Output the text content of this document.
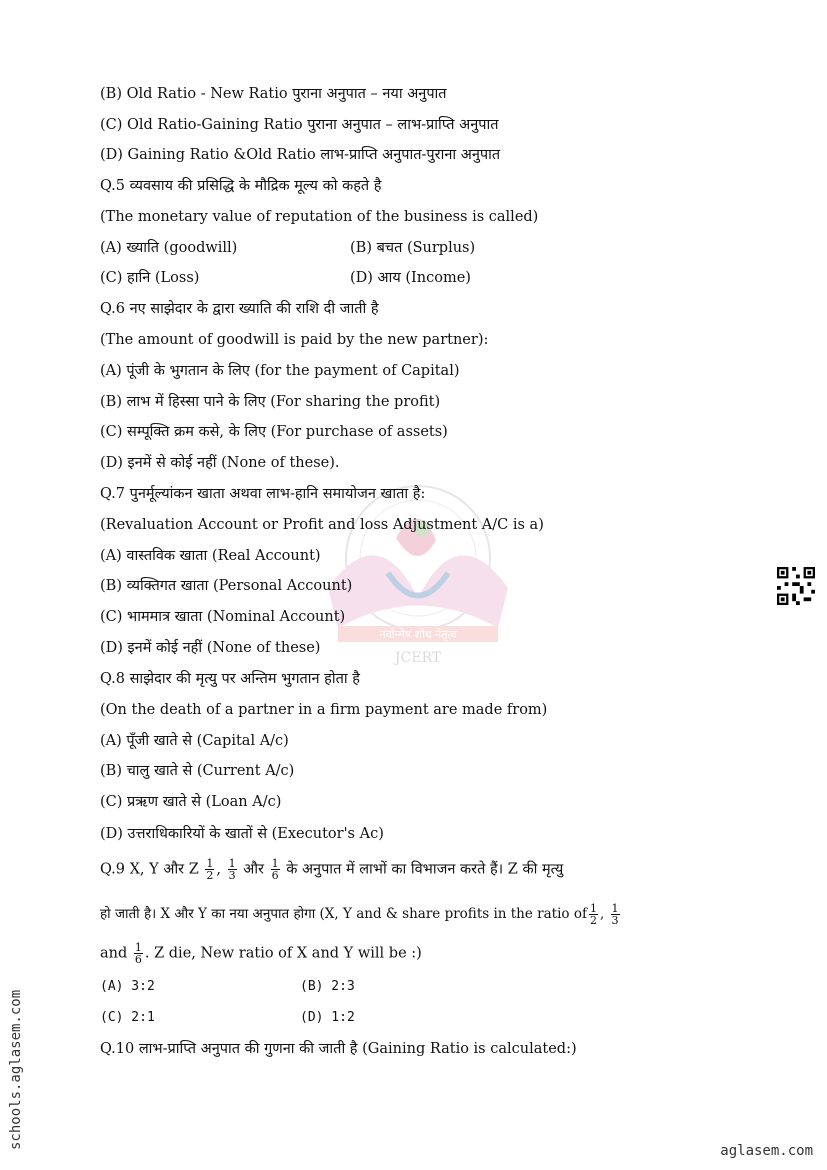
नवोन्मेष शोध नेतृत्व
JCERT
(B) Old Ratio - New Ratio पुराना अनुपात – नया अनुपात
(C) Old Ratio-Gaining Ratio पुराना अनुपात – लाभ-प्राप्ति अनुपात
(D) Gaining Ratio &Old Ratio लाभ-प्राप्ति अनुपात-पुराना अनुपात
Q.5 व्यवसाय की प्रसिद्धि के मौद्रिक मूल्य को कहते है
(The monetary value of reputation of the business is called)
(A) ख्याति (goodwill)	(B) बचत (Surplus)
(C) हानि (Loss)	(D) आय (Income)
Q.6 नए साझेदार के द्वारा ख्याति की राशि दी जाती है
(The amount of goodwill is paid by the new partner):
(A) पूंजी के भुगतान के लिए (for the payment of Capital)
(B) लाभ में हिस्सा पाने के लिए (For sharing the profit)
(C) सम्पूक्ति क्रम कसे, के लिए (For purchase of assets)
(D) इनमें से कोई नहीं (None of these).
Q.7 पुनर्मूल्यांकन खाता अथवा लाभ-हानि समायोजन खाता है:
(Revaluation Account or Profit and loss Adjustment A/C is a)
(A) वास्तविक खाता (Real Account)
(B) व्यक्तिगत खाता (Personal Account)
(C) भाममात्र खाता (Nominal Account)
(D) इनमें कोई नहीं (None of these)
Q.8 साझेदार की मृत्यु पर अन्तिम भुगतान होता है
(On the death of a partner in a firm payment are made from)
(A) पूँजी खाते से (Capital A/c)
(B) चालु खाते से (Current A/c)
(C) प्रऋण खाते से (Loan A/c)
(D) उत्तराधिकारियों के खातों से (Executor's Ac)
Q.9 X, Y और Z $\frac{1}{2}$ , $\frac{1}{3}$ और $\frac{1}{6}$ के अनुपात में लाभों का विभाजन करते हैं। Z की मृत्यु
हो जाती है। X और Y का नया अनुपात होगा (X, Y and & share profits in the ratio of $\frac{1}{2}$ , $\frac{1}{3}$
and $\frac{1}{6}$ . Z die, New ratio of X and Y will be :)
(A) 3:2	(B) 2:3
(C) 2:1	(D) 1:2
Q.10 लाभ-प्राप्ति अनुपात की गुणना की जाती है (Gaining Ratio is calculated:)
schools.aglasem.com
aglasem.com
